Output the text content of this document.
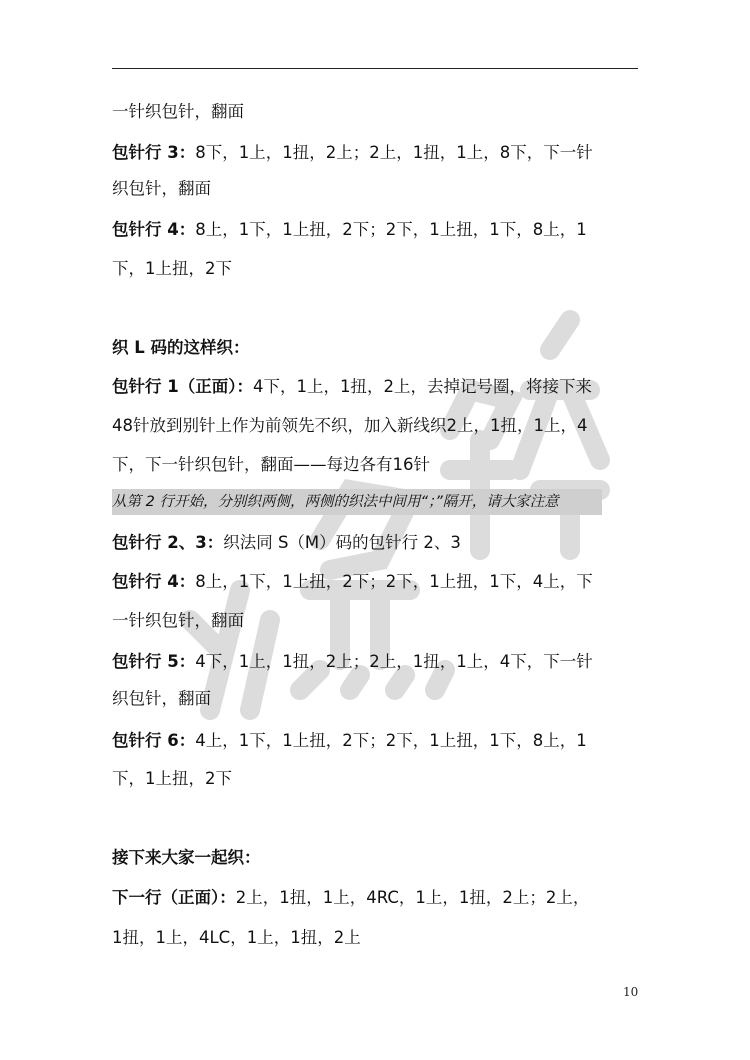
一针织包针，翻面
包针行 3：8下，1上，1扭，2上；2上，1扭，1上，8下，下一针
织包针，翻面
包针行 4：8上，1下，1上扭，2下；2下，1上扭，1下，8上，1
下，1上扭，2下
织 L 码的这样织：
包针行 1（正面）：4下，1上，1扭，2上，去掉记号圈，将接下来
48针放到别针上作为前领先不织，加入新线织2上，1扭，1上，4
下，下一针织包针，翻面——每边各有16针
从第 2 行开始，分别织两侧，两侧的织法中间用“；”隔开，请大家注意
包针行 2、3：织法同 S（M）码的包针行 2、3
包针行 4：8上，1下，1上扭，2下；2下，1上扭，1下，4上，下
一针织包针，翻面
包针行 5：4下，1上，1扭，2上；2上，1扭，1上，4下，下一针
织包针，翻面
包针行 6：4上，1下，1上扭，2下；2下，1上扭，1下，8上，1
下，1上扭，2下
接下来大家一起织：
下一行（正面）：2上，1扭，1上，4RC，1上，1扭，2上；2上，
1扭，1上，4LC，1上，1扭，2上
10
